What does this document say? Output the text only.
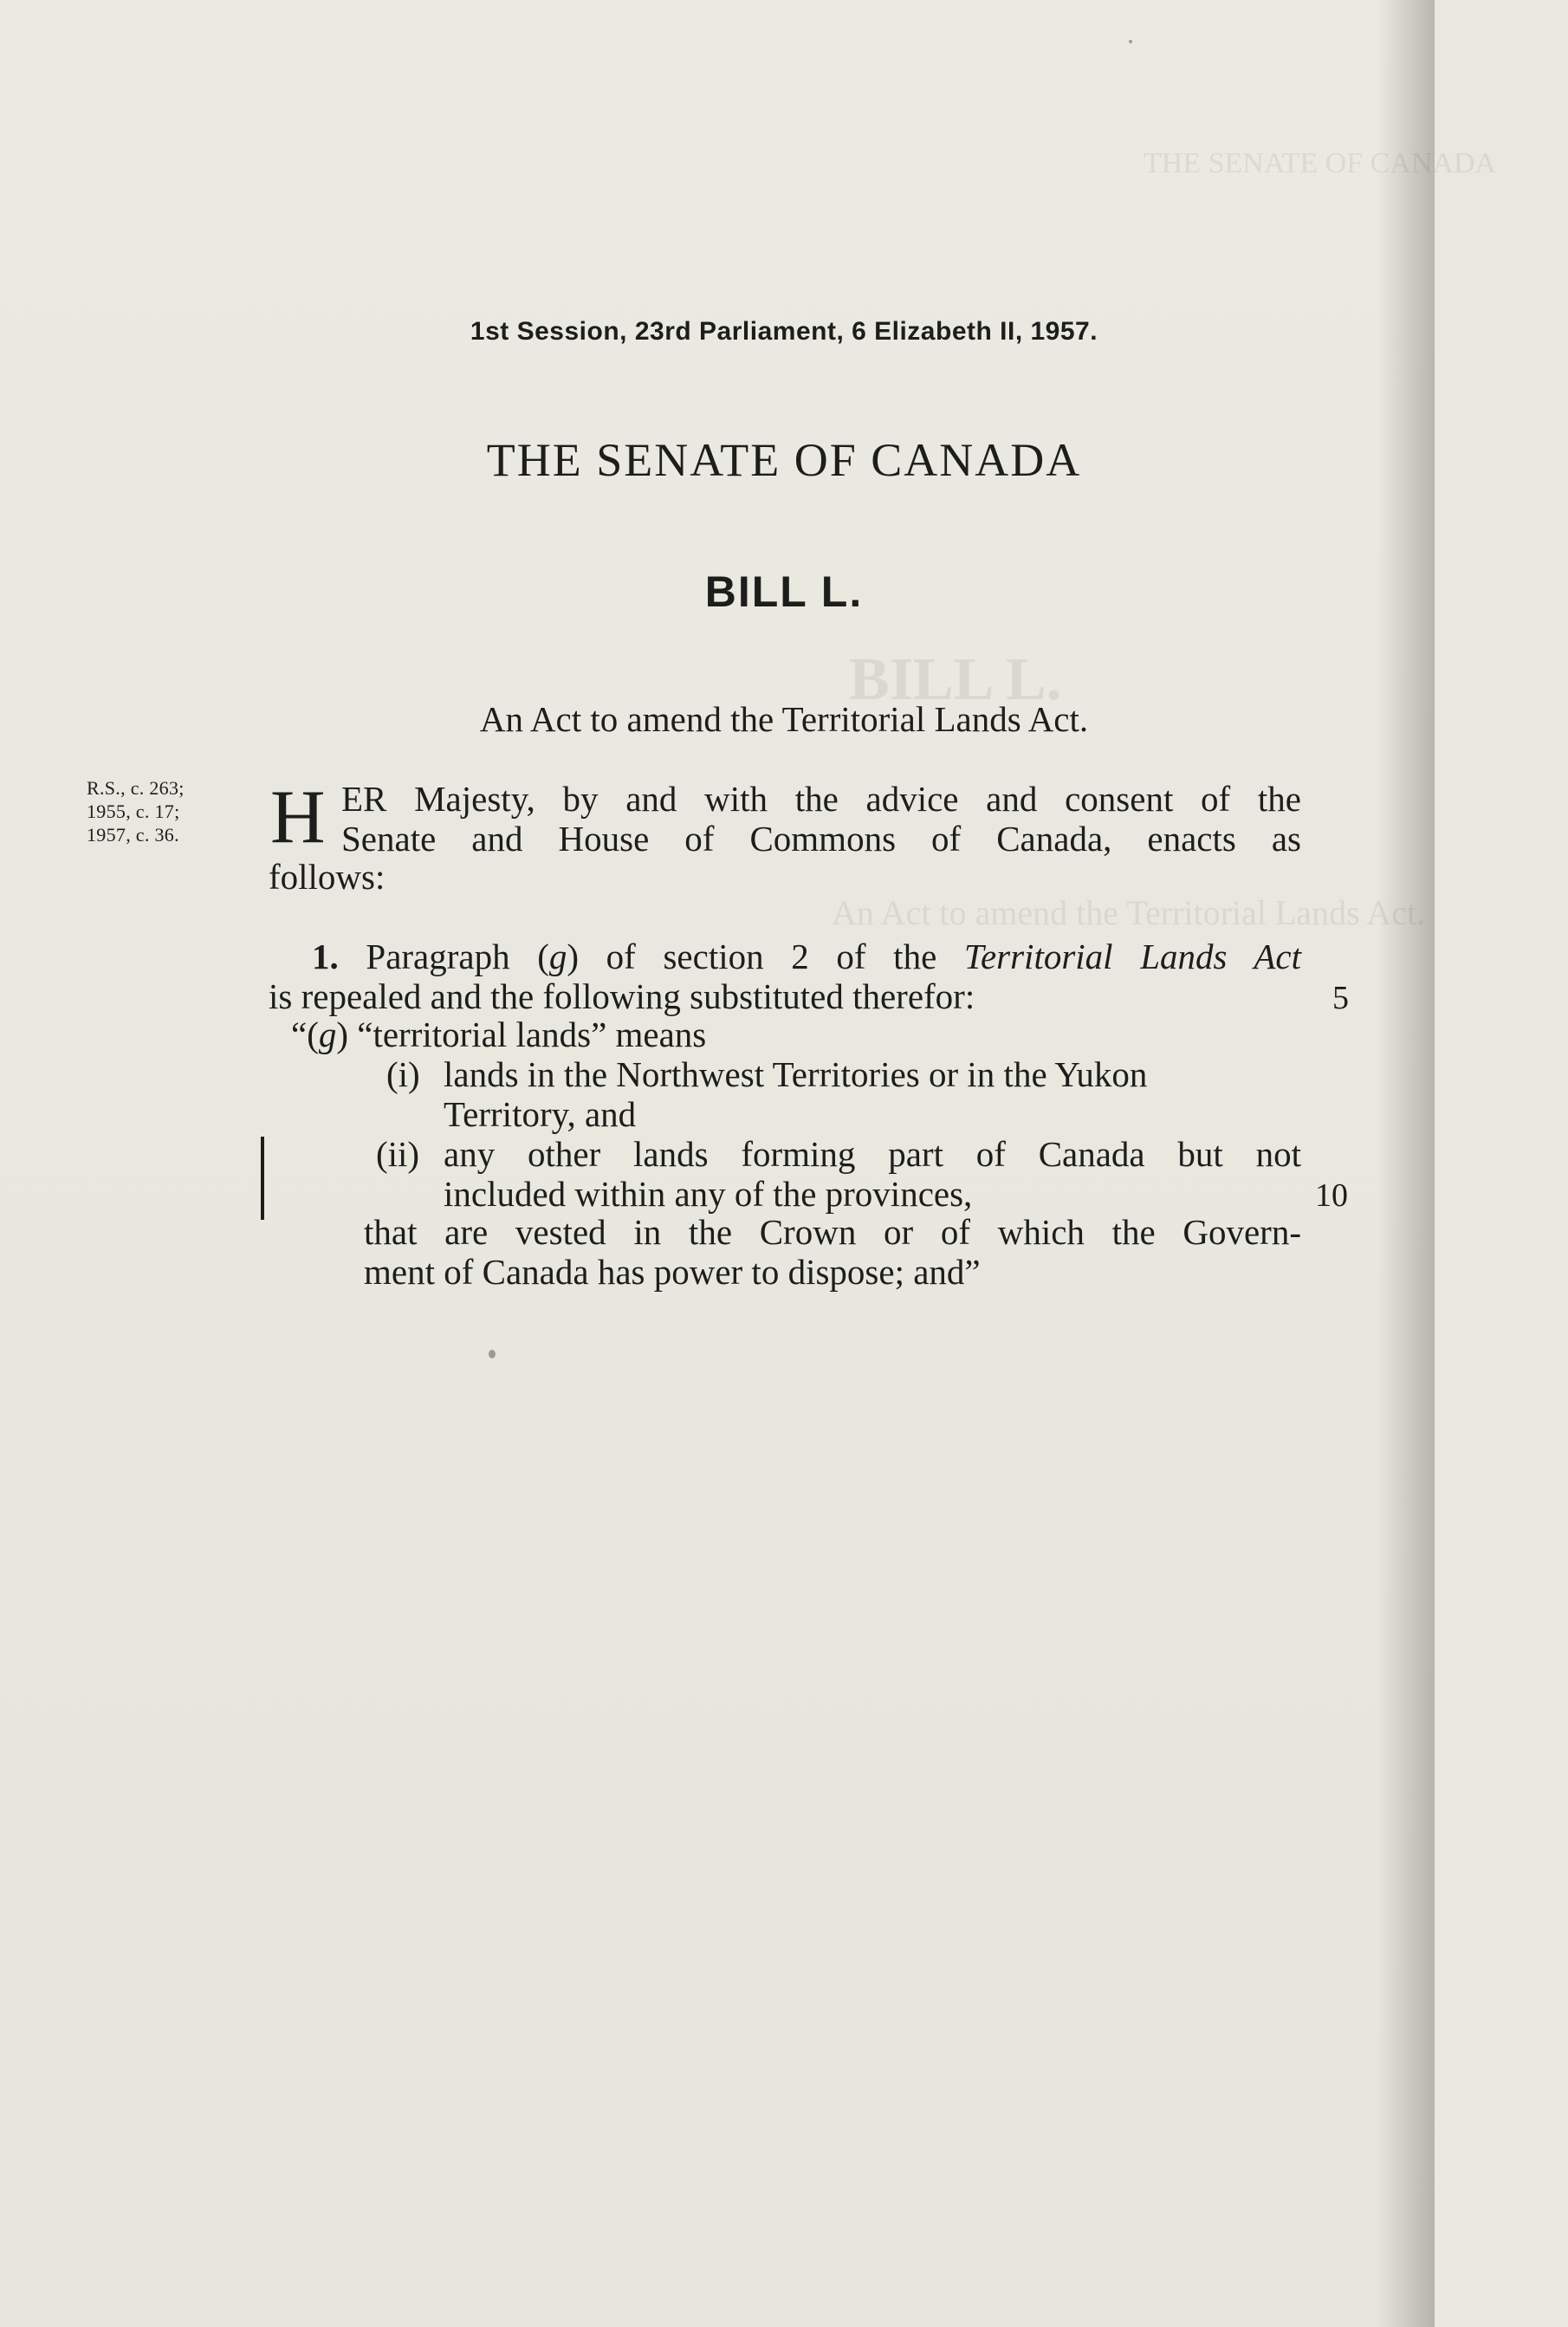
THE SENATE OF CANADA
BILL L.
An Act to amend the Territorial Lands Act.
1st Session, 23rd Parliament, 6 Elizabeth II, 1957.
THE SENATE OF CANADA
BILL L.
An Act to amend the Territorial Lands Act.
R.S., c. 263;
1955, c. 17;
1957, c. 36. H ER Majesty, by and with the advice and consent of the
Senate and House of Commons of Canada, enacts as
follows:
1. Paragraph (g) of section 2 of the Territorial Lands Act
is repealed and the following substituted therefor:
“(g) “territorial lands” means
(i) lands in the Northwest Territories or in the Yukon
Territory, and
(ii) any other lands forming part of Canada but not
included within any of the provinces,
that are vested in the Crown or of which the Govern-
ment of Canada has power to dispose; and”
5
10
